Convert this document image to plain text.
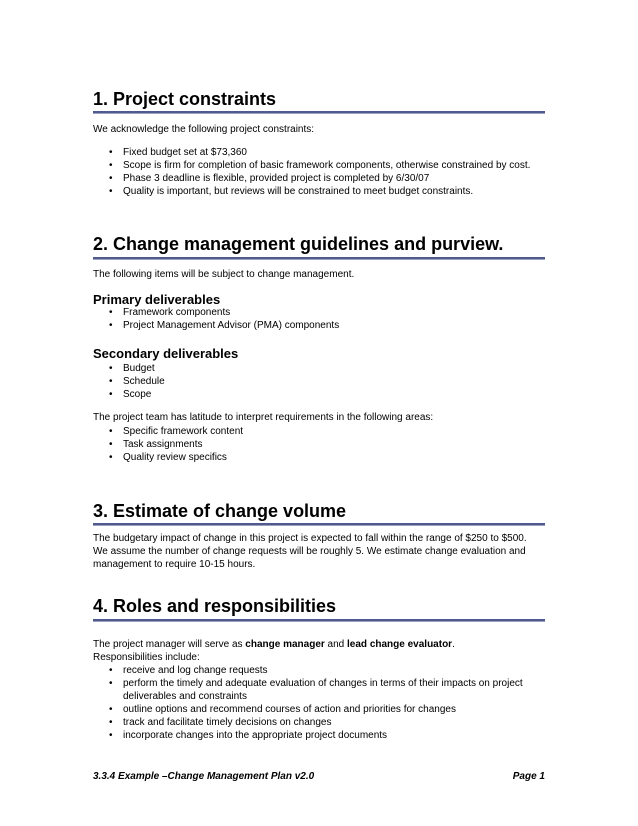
1. Project constraints

We acknowledge the following project constraints:

• Fixed budget set at $73,360
• Scope is firm for completion of basic framework components, otherwise constrained by cost.
• Phase 3 deadline is flexible, provided project is completed by 6/30/07
• Quality is important, but reviews will be constrained to meet budget constraints.
2. Change management guidelines and purview.

The following items will be subject to change management.

Primary deliverables
• Framework components
• Project Management Advisor (PMA) components
Secondary deliverables
• Budget
• Schedule
• Scope

The project team has latitude to interpret requirements in the following areas:

• Specific framework content
• Task assignments
• Quality review specifics
3. Estimate of change volume

The budgetary impact of change in this project is expected to fall within the range of $250 to $500. We assume the number of change requests will be roughly 5. We estimate change evaluation and management to require 10-15 hours.

4. Roles and responsibilities

The project manager will serve as change manager and lead change evaluator.

Responsibilities include:

• receive and log change requests
• perform the timely and adequate evaluation of changes in terms of their impacts on project deliverables and constraints
• outline options and recommend courses of action and priorities for changes
• track and facilitate timely decisions on changes
• incorporate changes into the appropriate project documents
3.3.4 Example –Change Management Plan v2.0	Page 1
